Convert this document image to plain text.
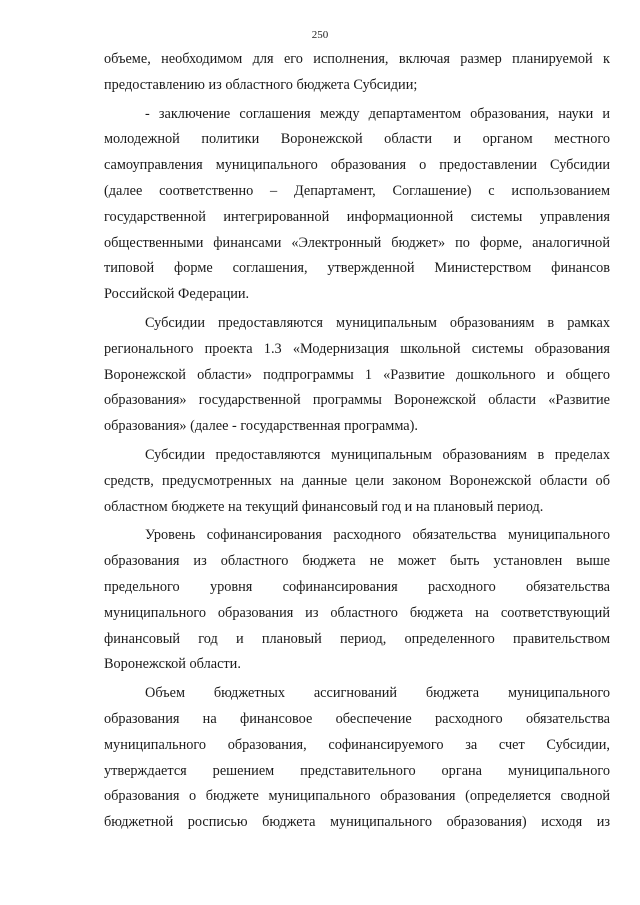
250
объеме, необходимом для его исполнения, включая размер планируемой к
предоставлению из областного бюджета Субсидии;
- заключение соглашения между департаментом образования, науки и
молодежной политики Воронежской области и органом местного
самоуправления муниципального образования о предоставлении Субсидии
(далее соответственно – Департамент, Соглашение) с использованием
государственной интегрированной информационной системы управления
общественными финансами «Электронный бюджет» по форме, аналогичной
типовой форме соглашения, утвержденной Министерством финансов
Российской Федерации.
Субсидии предоставляются муниципальным образованиям в рамках
регионального проекта 1.3 «Модернизация школьной системы образования
Воронежской области» подпрограммы 1 «Развитие дошкольного и общего
образования» государственной программы Воронежской области «Развитие
образования» (далее - государственная программа).
Субсидии предоставляются муниципальным образованиям в пределах
средств, предусмотренных на данные цели законом Воронежской области об
областном бюджете на текущий финансовый год и на плановый период.
Уровень софинансирования расходного обязательства муниципального
образования из областного бюджета не может быть установлен выше
предельного уровня софинансирования расходного обязательства
муниципального образования из областного бюджета на соответствующий
финансовый год и плановый период, определенного правительством
Воронежской области.
Объем бюджетных ассигнований бюджета муниципального
образования на финансовое обеспечение расходного обязательства
муниципального образования, софинансируемого за счет Субсидии,
утверждается решением представительного органа муниципального
образования о бюджете муниципального образования (определяется сводной
бюджетной росписью бюджета муниципального образования) исходя из
